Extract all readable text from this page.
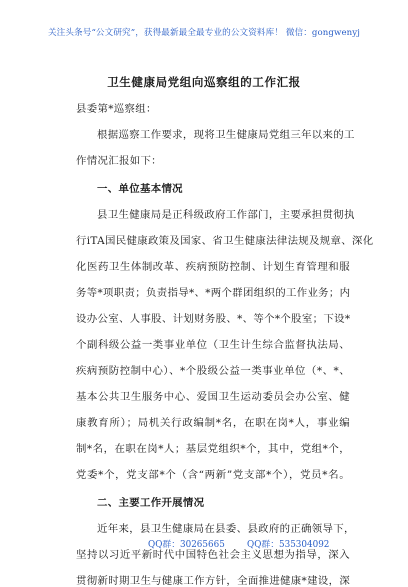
关注头条号“公文研究”，获得最新最全最专业的公文资料库！ 微信：gongwenyj
卫生健康局党组向巡察组的工作汇报
县委第*巡察组：
根据巡察工作要求，现将卫生健康局党组三年以来的工
作情况汇报如下：
一、单位基本情况
县卫生健康局是正科级政府工作部门，主要承担贯彻执
行iTA国民健康政策及国家、省卫生健康法律法规及规章、深化
化医药卫生体制改革、疾病预防控制、计划生育管理和服
务等*项职责；负责指导*、*两个群团组织的工作业务；内
设办公室、人事股、计划财务股、*、等个*个股室；下设*
个副科级公益一类事业单位（卫生计生综合监督执法局、
疾病预防控制中心）、*个股级公益一类事业单位（*、*、
基本公共卫生服务中心、爱国卫生运动委员会办公室、健
康教育所）；局机关行政编制*名，在职在岗*人，事业编
制*名，在职在岗*人；基层党组织*个，其中，党组*个，
党委*个，党支部*个（含“两新”党支部*个），党员*名。
二、主要工作开展情况
近年来，县卫生健康局在县委、县政府的正确领导下，
坚持以习近平新时代中国特色社会主义思想为指导，深入
贯彻新时期卫生与健康工作方针，全面推进健康*建设，深
QQ群：30265665	QQ群：535304092
